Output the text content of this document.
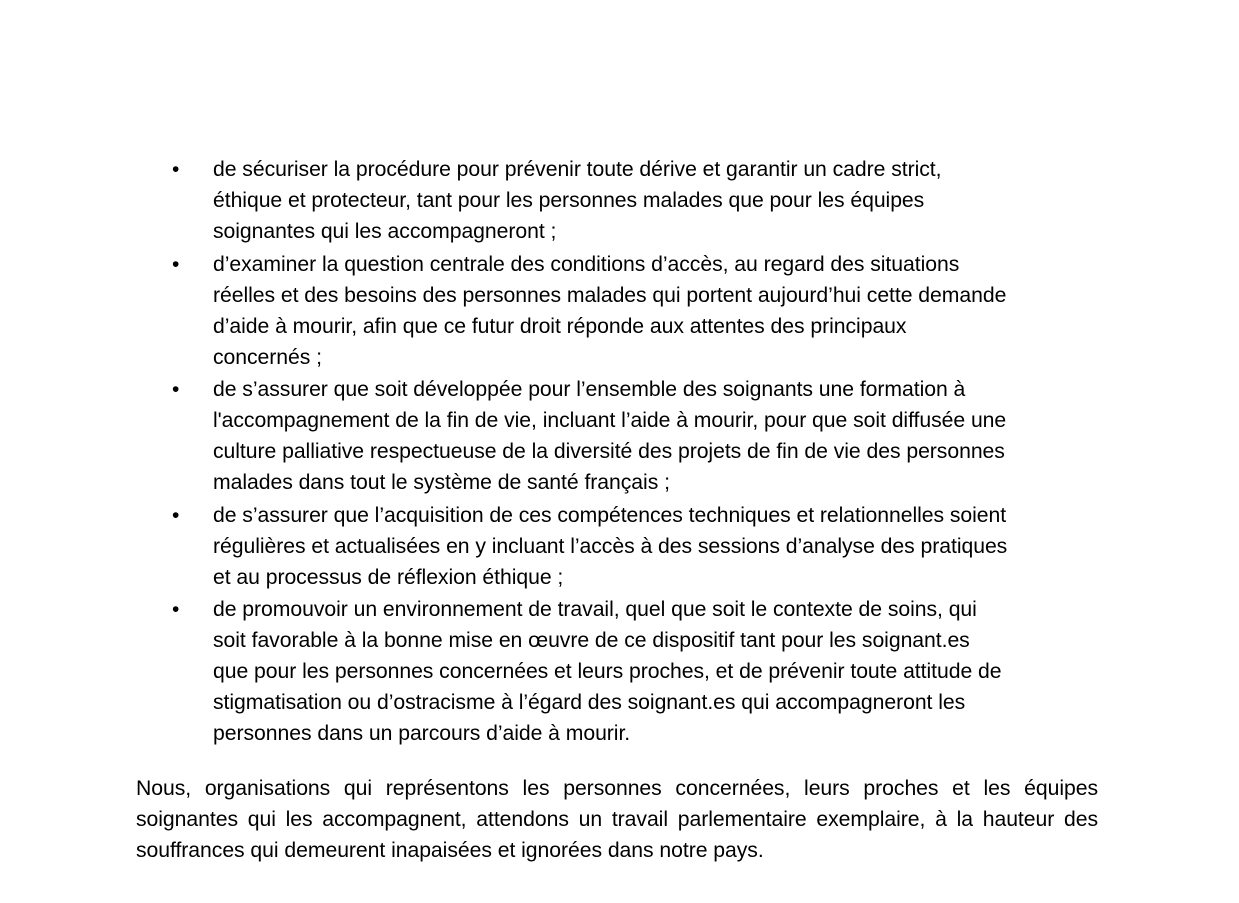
• de sécuriser la procédure pour prévenir toute dérive et garantir un cadre strict,
éthique et protecteur, tant pour les personnes malades que pour les équipes
soignantes qui les accompagneront ;
• d’examiner la question centrale des conditions d’accès, au regard des situations
réelles et des besoins des personnes malades qui portent aujourd’hui cette demande
d’aide à mourir, afin que ce futur droit réponde aux attentes des principaux
concernés ;
• de s’assurer que soit développée pour l’ensemble des soignants une formation à
l'accompagnement de la fin de vie, incluant l’aide à mourir, pour que soit diffusée une
culture palliative respectueuse de la diversité des projets de fin de vie des personnes
malades dans tout le système de santé français ;
• de s’assurer que l’acquisition de ces compétences techniques et relationnelles soient
régulières et actualisées en y incluant l’accès à des sessions d’analyse des pratiques
et au processus de réflexion éthique ;
• de promouvoir un environnement de travail, quel que soit le contexte de soins, qui
soit favorable à la bonne mise en œuvre de ce dispositif tant pour les soignant.es
que pour les personnes concernées et leurs proches, et de prévenir toute attitude de
stigmatisation ou d’ostracisme à l’égard des soignant.es qui accompagneront les
personnes dans un parcours d’aide à mourir.

Nous, organisations qui représentons les personnes concernées, leurs proches et les équipes soignantes qui les accompagnent, attendons un travail parlementaire exemplaire, à la hauteur des souffrances qui demeurent inapaisées et ignorées dans notre pays.
